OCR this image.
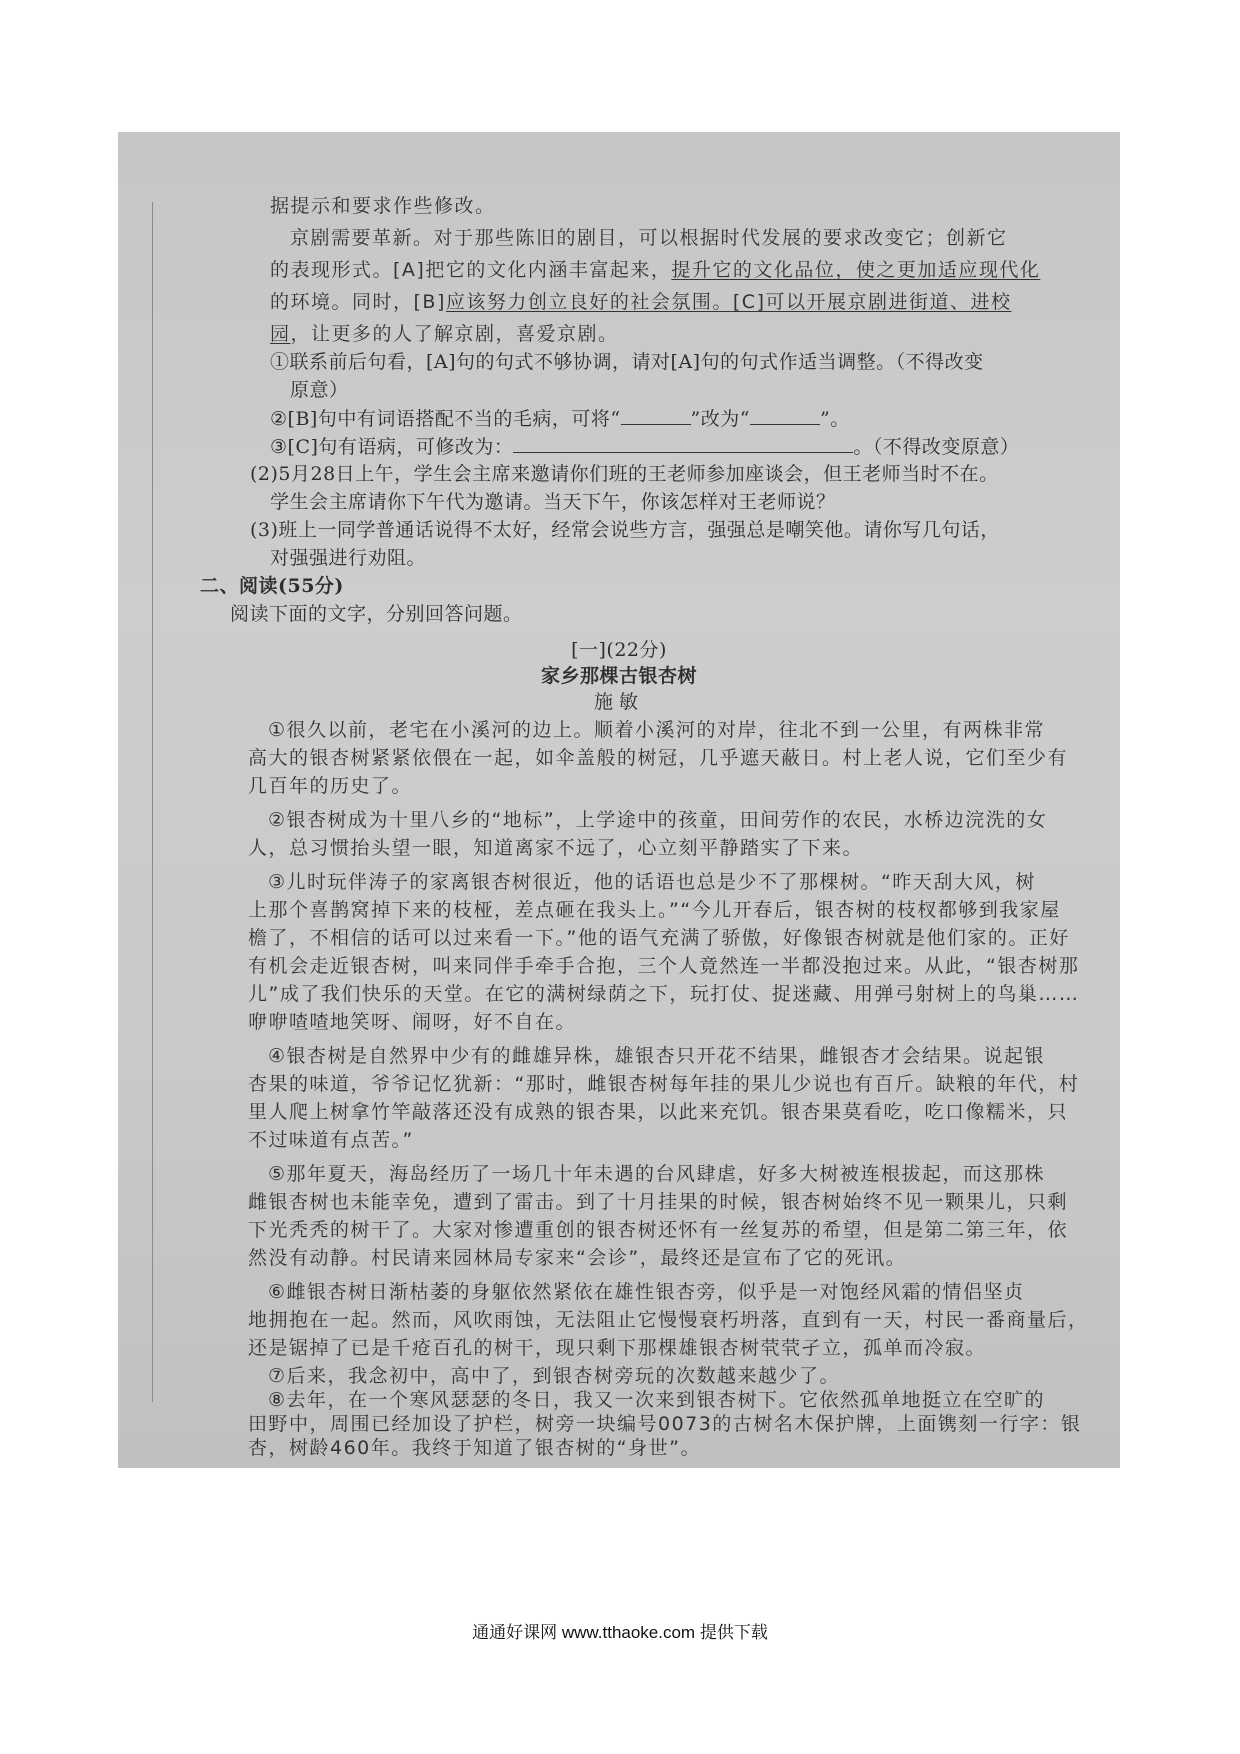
据提示和要求作些修改。
京剧需要革新。对于那些陈旧的剧目，可以根据时代发展的要求改变它；创新它
的表现形式。[A]把它的文化内涵丰富起来，提升它的文化品位，使之更加适应现代化
的环境。同时，[B]应该努力创立良好的社会氛围。[C]可以开展京剧进街道、进校
园，让更多的人了解京剧，喜爱京剧。
①联系前后句看，[A]句的句式不够协调，请对[A]句的句式作适当调整。（不得改变
原意）
②[B]句中有词语搭配不当的毛病，可将“	”改为“	”。
③[C]句有语病，可修改为：	。（不得改变原意）
(2)5月28日上午，学生会主席来邀请你们班的王老师参加座谈会，但王老师当时不在。
学生会主席请你下午代为邀请。当天下午，你该怎样对王老师说？
(3)班上一同学普通话说得不太好，经常会说些方言，强强总是嘲笑他。请你写几句话，
对强强进行劝阻。
二、阅读(55分)
阅读下面的文字，分别回答问题。
[一](22分)
家乡那棵古银杏树
施敏
①很久以前，老宅在小溪河的边上。顺着小溪河的对岸，往北不到一公里，有两株非常
高大的银杏树紧紧依偎在一起，如伞盖般的树冠，几乎遮天蔽日。村上老人说，它们至少有
几百年的历史了。
②银杏树成为十里八乡的“地标”，上学途中的孩童，田间劳作的农民，水桥边浣洗的女
人，总习惯抬头望一眼，知道离家不远了，心立刻平静踏实了下来。
③儿时玩伴涛子的家离银杏树很近，他的话语也总是少不了那棵树。“昨天刮大风，树
上那个喜鹊窝掉下来的枝桠，差点砸在我头上。”“今儿开春后，银杏树的枝杈都够到我家屋
檐了，不相信的话可以过来看一下。”他的语气充满了骄傲，好像银杏树就是他们家的。正好
有机会走近银杏树，叫来同伴手牵手合抱，三个人竟然连一半都没抱过来。从此，“银杏树那
儿”成了我们快乐的天堂。在它的满树绿荫之下，玩打仗、捉迷藏、用弹弓射树上的鸟巢……
咿咿喳喳地笑呀、闹呀，好不自在。
④银杏树是自然界中少有的雌雄异株，雄银杏只开花不结果，雌银杏才会结果。说起银
杏果的味道，爷爷记忆犹新：“那时，雌银杏树每年挂的果儿少说也有百斤。缺粮的年代，村
里人爬上树拿竹竿敲落还没有成熟的银杏果，以此来充饥。银杏果莫看吃，吃口像糯米，只
不过味道有点苦。”
⑤那年夏天，海岛经历了一场几十年未遇的台风肆虐，好多大树被连根拔起，而这那株
雌银杏树也未能幸免，遭到了雷击。到了十月挂果的时候，银杏树始终不见一颗果儿，只剩
下光秃秃的树干了。大家对惨遭重创的银杏树还怀有一丝复苏的希望，但是第二第三年，依
然没有动静。村民请来园林局专家来“会诊”，最终还是宣布了它的死讯。
⑥雌银杏树日渐枯萎的身躯依然紧依在雄性银杏旁，似乎是一对饱经风霜的情侣坚贞
地拥抱在一起。然而，风吹雨蚀，无法阻止它慢慢衰朽坍落，直到有一天，村民一番商量后，
还是锯掉了已是千疮百孔的树干，现只剩下那棵雄银杏树茕茕孑立，孤单而冷寂。
⑦后来，我念初中，高中了，到银杏树旁玩的次数越来越少了。
⑧去年，在一个寒风瑟瑟的冬日，我又一次来到银杏树下。它依然孤单地挺立在空旷的
田野中，周围已经加设了护栏，树旁一块编号0073的古树名木保护牌，上面镌刻一行字：银
杏，树龄460年。我终于知道了银杏树的“身世”。
通通好课网 www.tthaoke.com 提供下载
